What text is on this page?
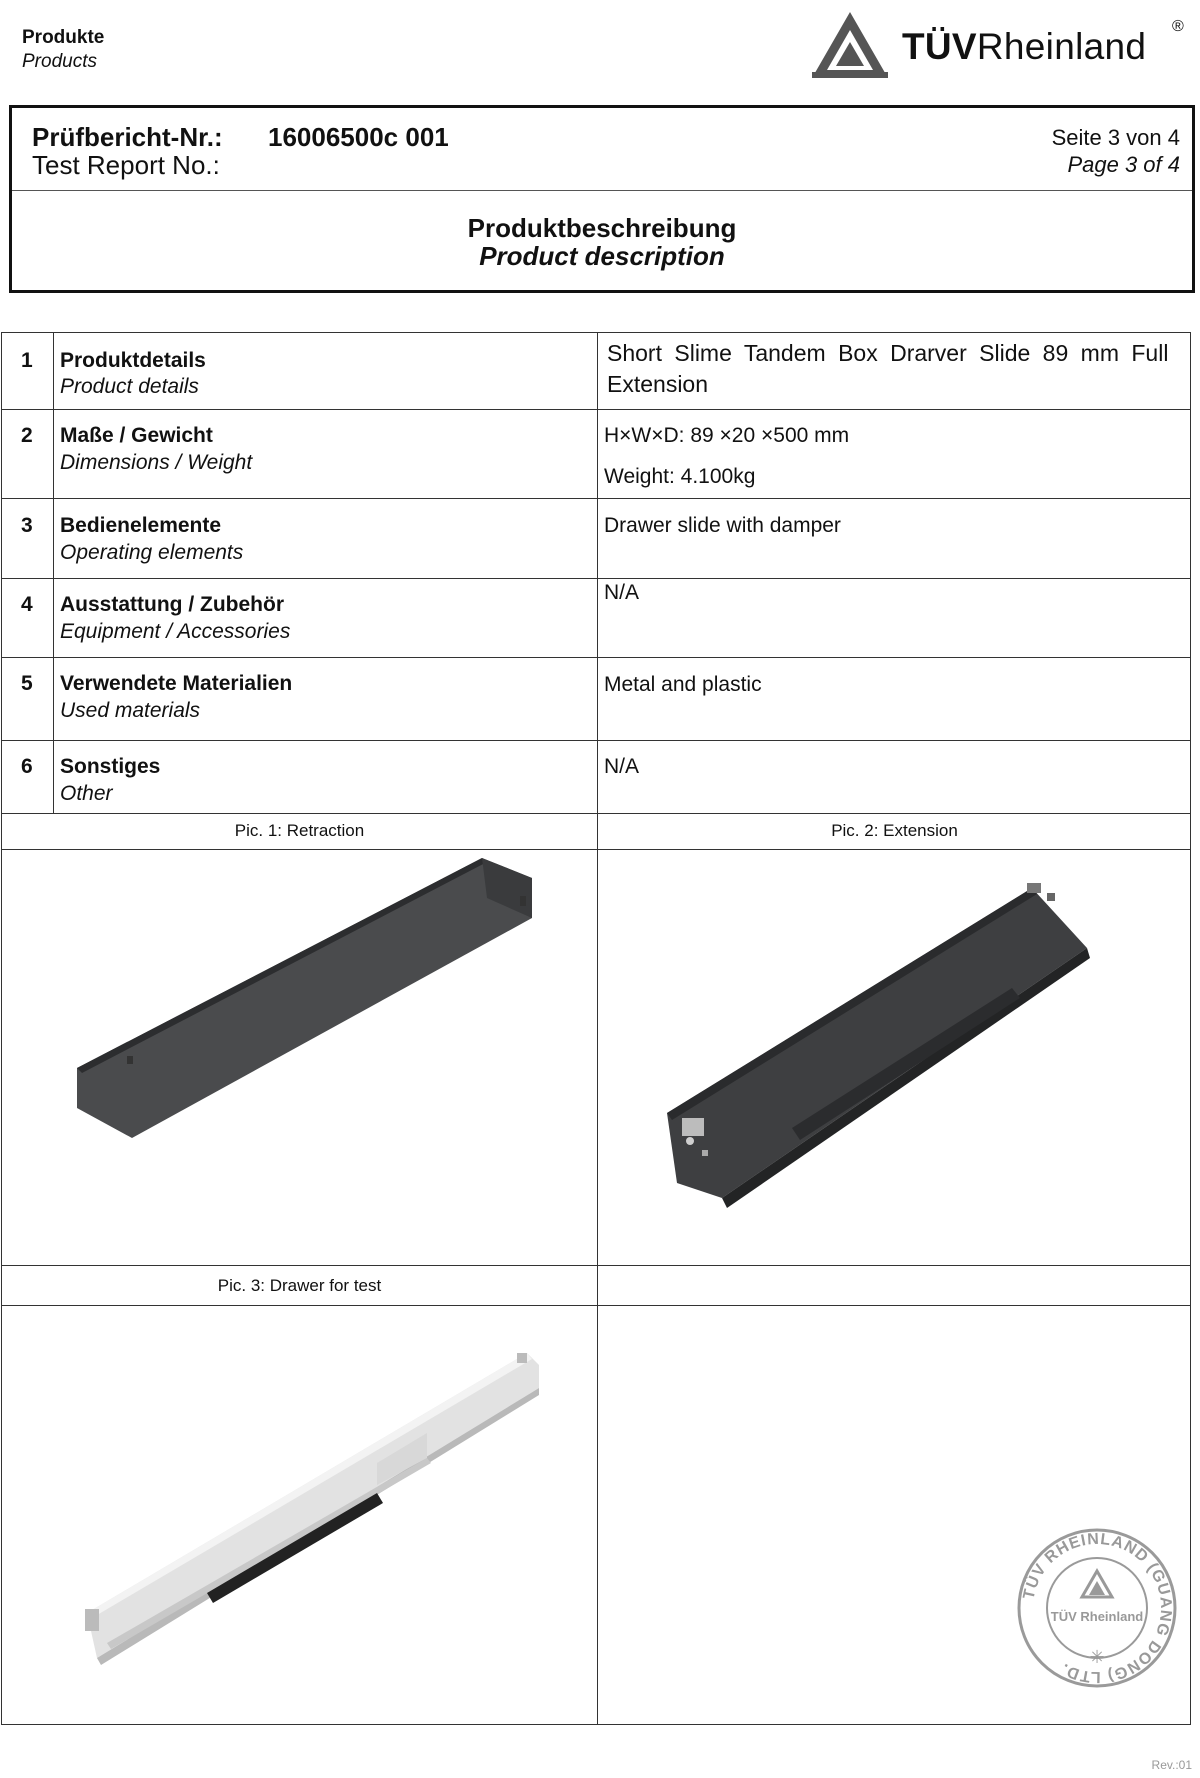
Produkte
Products	TÜVRheinland ®
Prüfbericht-Nr.: 16006500c 001
Test Report No.:
Seite 3 von 4
Page 3 of 4
Produktbeschreibung
Product description
1 Produktdetails
Product details
Short Slime Tandem Box Drarver Slide 89 mm Full Extension
2 Maße / Gewicht
Dimensions / Weight
H×W×D: 89 ×20 ×500 mm
Weight: 4.100kg
3 Bedienelemente
Operating elements
Drawer slide with damper
4 Ausstattung / Zubehör
Equipment / Accessories
N/A
5 Verwendete Materialien
Used materials
Metal and plastic
6 Sonstiges
Other
N/A
Pic. 1: Retraction	Pic. 2: Extension
Pic. 3: Drawer for test
TÜV RHEINLAND (GUANG DONG) LTD.
TÜV Rheinland
✳
Rev.:01
